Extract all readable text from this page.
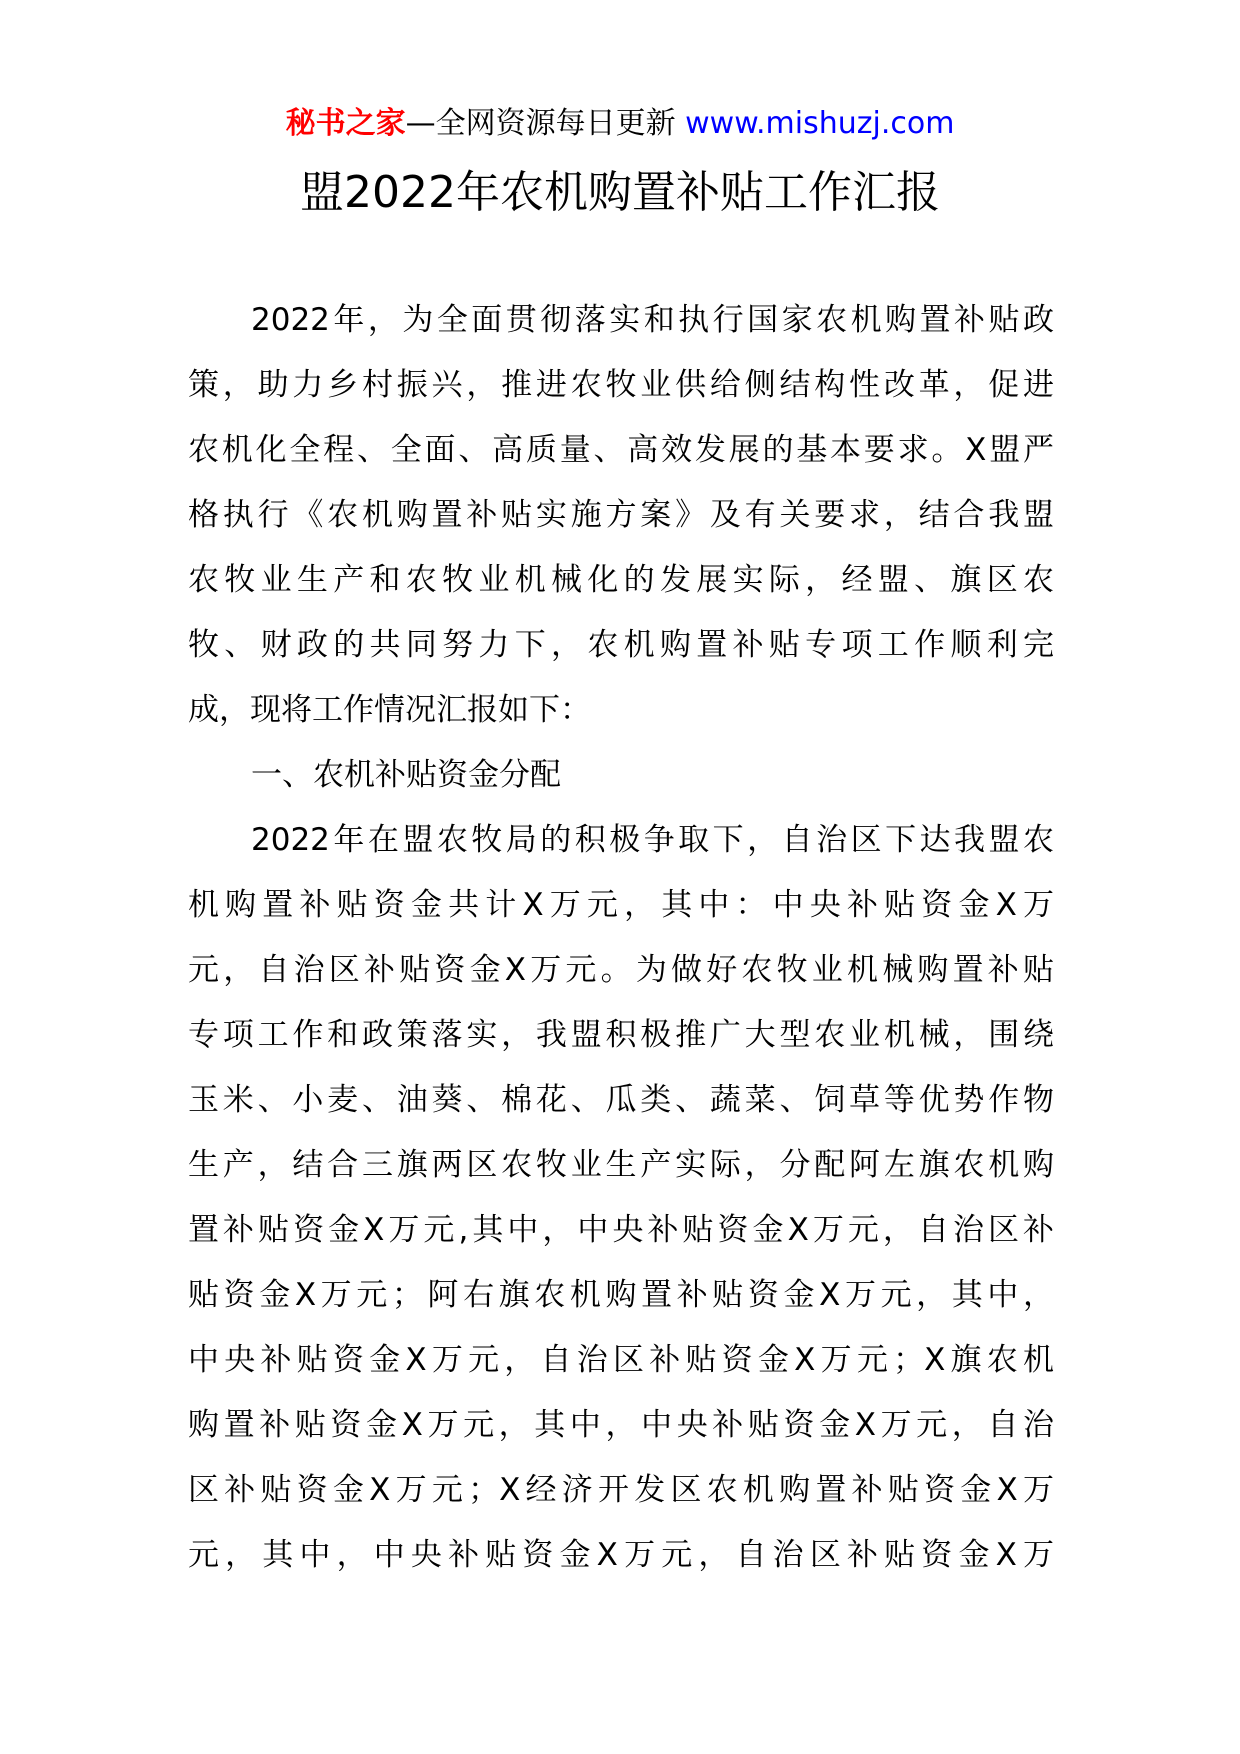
秘书之家—全网资源每日更新 www.mishuzj.com
盟2022年农机购置补贴工作汇报
2022年，为全面贯彻落实和执行国家农机购置补贴政
策，助力乡村振兴，推进农牧业供给侧结构性改革，促进
农机化全程、全面、高质量、高效发展的基本要求。X盟严
格执行《农机购置补贴实施方案》及有关要求，结合我盟
农牧业生产和农牧业机械化的发展实际，经盟、旗区农
牧、财政的共同努力下，农机购置补贴专项工作顺利完
成，现将工作情况汇报如下：
一、农机补贴资金分配
2022年在盟农牧局的积极争取下，自治区下达我盟农
机购置补贴资金共计X万元，其中：中央补贴资金X万
元，自治区补贴资金X万元。为做好农牧业机械购置补贴
专项工作和政策落实，我盟积极推广大型农业机械，围绕
玉米、小麦、油葵、棉花、瓜类、蔬菜、饲草等优势作物
生产，结合三旗两区农牧业生产实际，分配阿左旗农机购
置补贴资金X万元,其中，中央补贴资金X万元，自治区补
贴资金X万元；阿右旗农机购置补贴资金X万元，其中，
中央补贴资金X万元，自治区补贴资金X万元；X旗农机
购置补贴资金X万元，其中，中央补贴资金X万元，自治
区补贴资金X万元；X经济开发区农机购置补贴资金X万
元，其中，中央补贴资金X万元，自治区补贴资金X万
